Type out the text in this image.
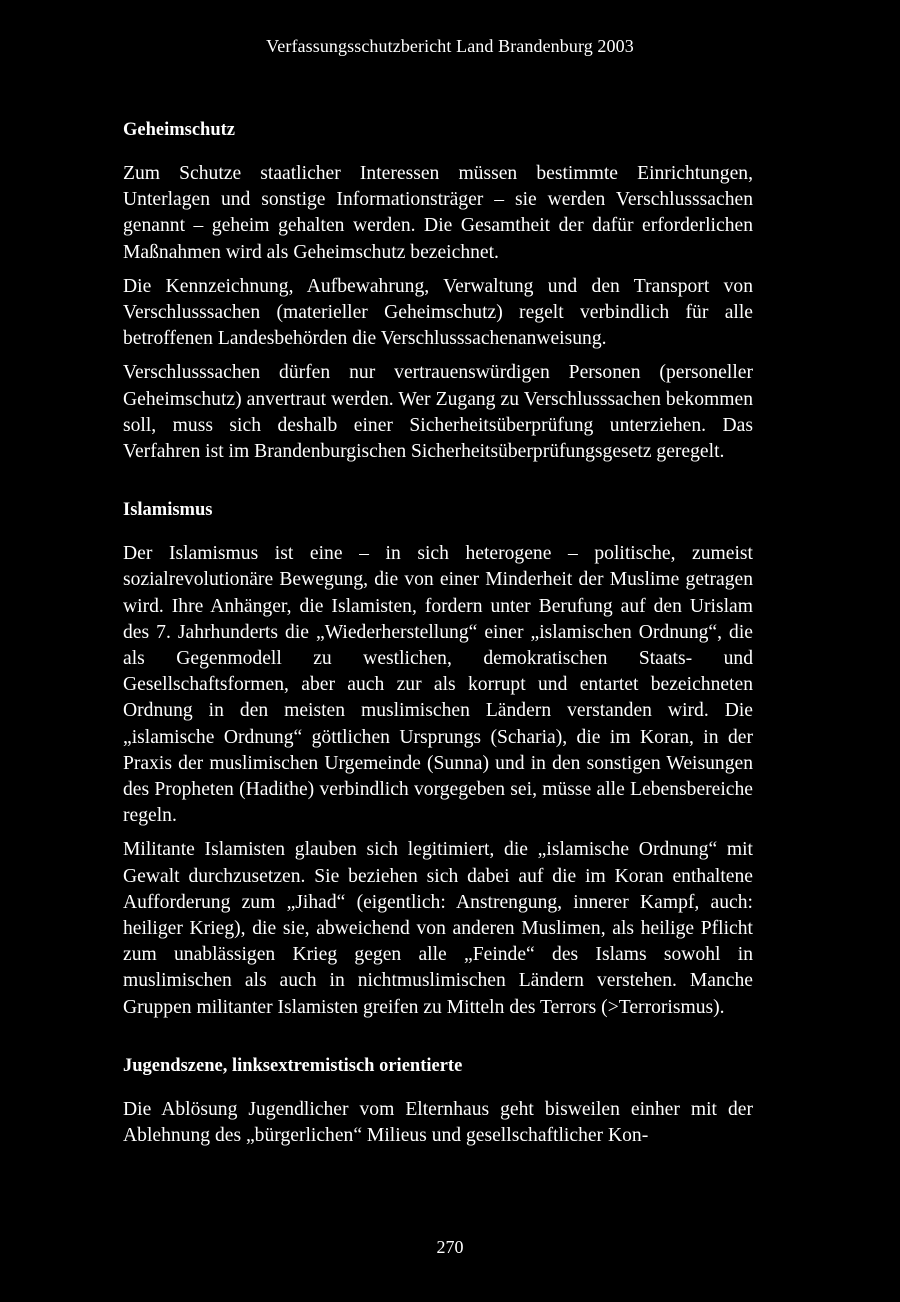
Verfassungsschutzbericht Land Brandenburg 2003
Geheimschutz

Zum Schutze staatlicher Interessen müssen bestimmte Einrichtungen, Unterlagen und sonstige Informationsträger – sie werden Verschlusssachen genannt – geheim gehalten werden. Die Gesamtheit der dafür erforderlichen Maßnahmen wird als Geheimschutz bezeichnet.

Die Kennzeichnung, Aufbewahrung, Verwaltung und den Transport von Verschlusssachen (materieller Geheimschutz) regelt verbindlich für alle betroffenen Landesbehörden die Verschlusssachenanweisung.

Verschlusssachen dürfen nur vertrauenswürdigen Personen (personeller Geheimschutz) anvertraut werden. Wer Zugang zu Verschlusssachen bekommen soll, muss sich deshalb einer Sicherheitsüberprüfung unterziehen. Das Verfahren ist im Brandenburgischen Sicherheitsüberprüfungsgesetz geregelt.

Islamismus

Der Islamismus ist eine – in sich heterogene – politische, zumeist sozialrevolutionäre Bewegung, die von einer Minderheit der Muslime getragen wird. Ihre Anhänger, die Islamisten, fordern unter Berufung auf den Urislam des 7. Jahrhunderts die „Wiederherstellung“ einer „islamischen Ordnung“, die als Gegenmodell zu westlichen, demokratischen Staats- und Gesellschaftsformen, aber auch zur als korrupt und entartet bezeichneten Ordnung in den meisten muslimischen Ländern verstanden wird. Die „islamische Ordnung“ göttlichen Ursprungs (Scharia), die im Koran, in der Praxis der muslimischen Urgemeinde (Sunna) und in den sonstigen Weisungen des Propheten (Hadithe) verbindlich vorgegeben sei, müsse alle Lebensbereiche regeln.

Militante Islamisten glauben sich legitimiert, die „islamische Ordnung“ mit Gewalt durchzusetzen. Sie beziehen sich dabei auf die im Koran enthaltene Aufforderung zum „Jihad“ (eigentlich: Anstrengung, innerer Kampf, auch: heiliger Krieg), die sie, abweichend von anderen Muslimen, als heilige Pflicht zum unablässigen Krieg gegen alle „Feinde“ des Islams sowohl in muslimischen als auch in nichtmuslimischen Ländern verstehen. Manche Gruppen militanter Islamisten greifen zu Mitteln des Terrors (>Terrorismus).

Jugendszene, linksextremistisch orientierte

Die Ablösung Jugendlicher vom Elternhaus geht bisweilen einher mit der Ablehnung des „bürgerlichen“ Milieus und gesellschaftlicher Kon-

270
